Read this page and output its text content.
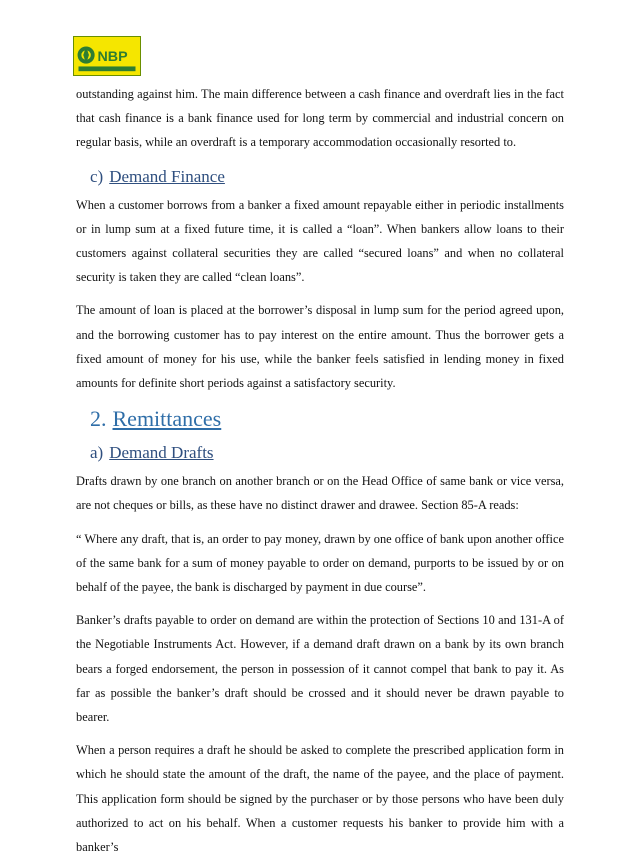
NBP

outstanding against him. The main difference between a cash finance and overdraft lies in the fact that cash finance is a bank finance used for long term by commercial and industrial concern on regular basis, while an overdraft is a temporary accommodation occasionally resorted to.

c) Demand Finance

When a customer borrows from a banker a fixed amount repayable either in periodic installments or in lump sum at a fixed future time, it is called a “loan”. When bankers allow loans to their customers against collateral securities they are called “secured loans” and when no collateral security is taken they are called “clean loans”.

The amount of loan is placed at the borrower’s disposal in lump sum for the period agreed upon, and the borrowing customer has to pay interest on the entire amount. Thus the borrower gets a fixed amount of money for his use, while the banker feels satisfied in lending money in fixed amounts for definite short periods against a satisfactory security.

2. Remittances
a) Demand Drafts

Drafts drawn by one branch on another branch or on the Head Office of same bank or vice versa, are not cheques or bills, as these have no distinct drawer and drawee. Section 85-A reads:

“ Where any draft, that is, an order to pay money, drawn by one office of bank upon another office of the same bank for a sum of money payable to order on demand, purports to be issued by or on behalf of the payee, the bank is discharged by payment in due course”.

Banker’s drafts payable to order on demand are within the protection of Sections 10 and 131-A of the Negotiable Instruments Act. However, if a demand draft drawn on a bank by its own branch bears a forged endorsement, the person in possession of it cannot compel that bank to pay it. As far as possible the banker’s draft should be crossed and it should never be drawn payable to bearer.

When a person requires a draft he should be asked to complete the prescribed application form in which he should state the amount of the draft, the name of the payee, and the place of payment. This application form should be signed by the purchaser or by those persons who have been duly authorized to act on his behalf. When a customer requests his banker to provide him with a banker’s
